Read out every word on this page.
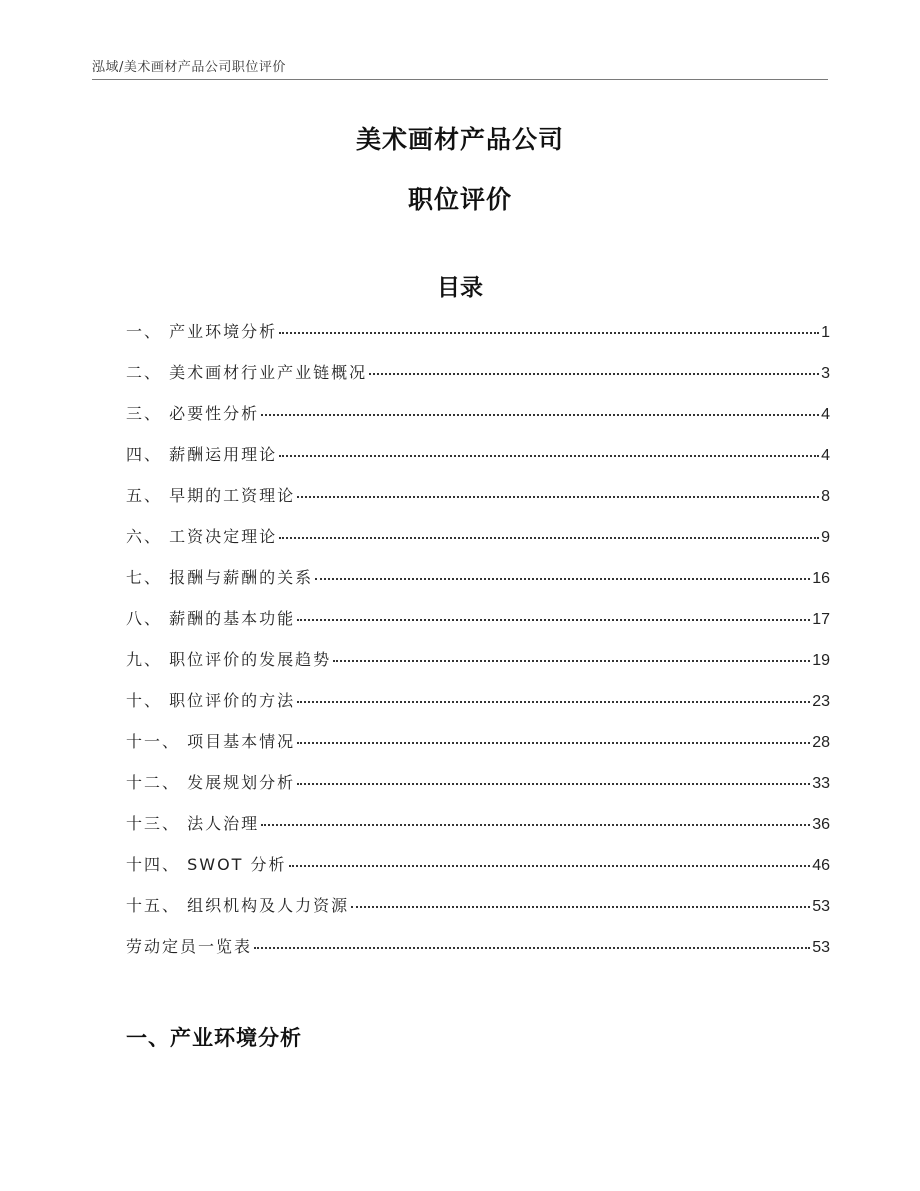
泓域/美术画材产品公司职位评价
美术画材产品公司
职位评价
目录
一、 产业环境分析	1
二、 美术画材行业产业链概况	3
三、 必要性分析	4
四、 薪酬运用理论	4
五、 早期的工资理论	8
六、 工资决定理论	9
七、 报酬与薪酬的关系	16
八、 薪酬的基本功能	17
九、 职位评价的发展趋势	19
十、 职位评价的方法	23
十一、 项目基本情况	28
十二、 发展规划分析	33
十三、 法人治理	36
十四、 SWOT 分析	46
十五、 组织机构及人力资源	53
劳动定员一览表	53
一、产业环境分析
